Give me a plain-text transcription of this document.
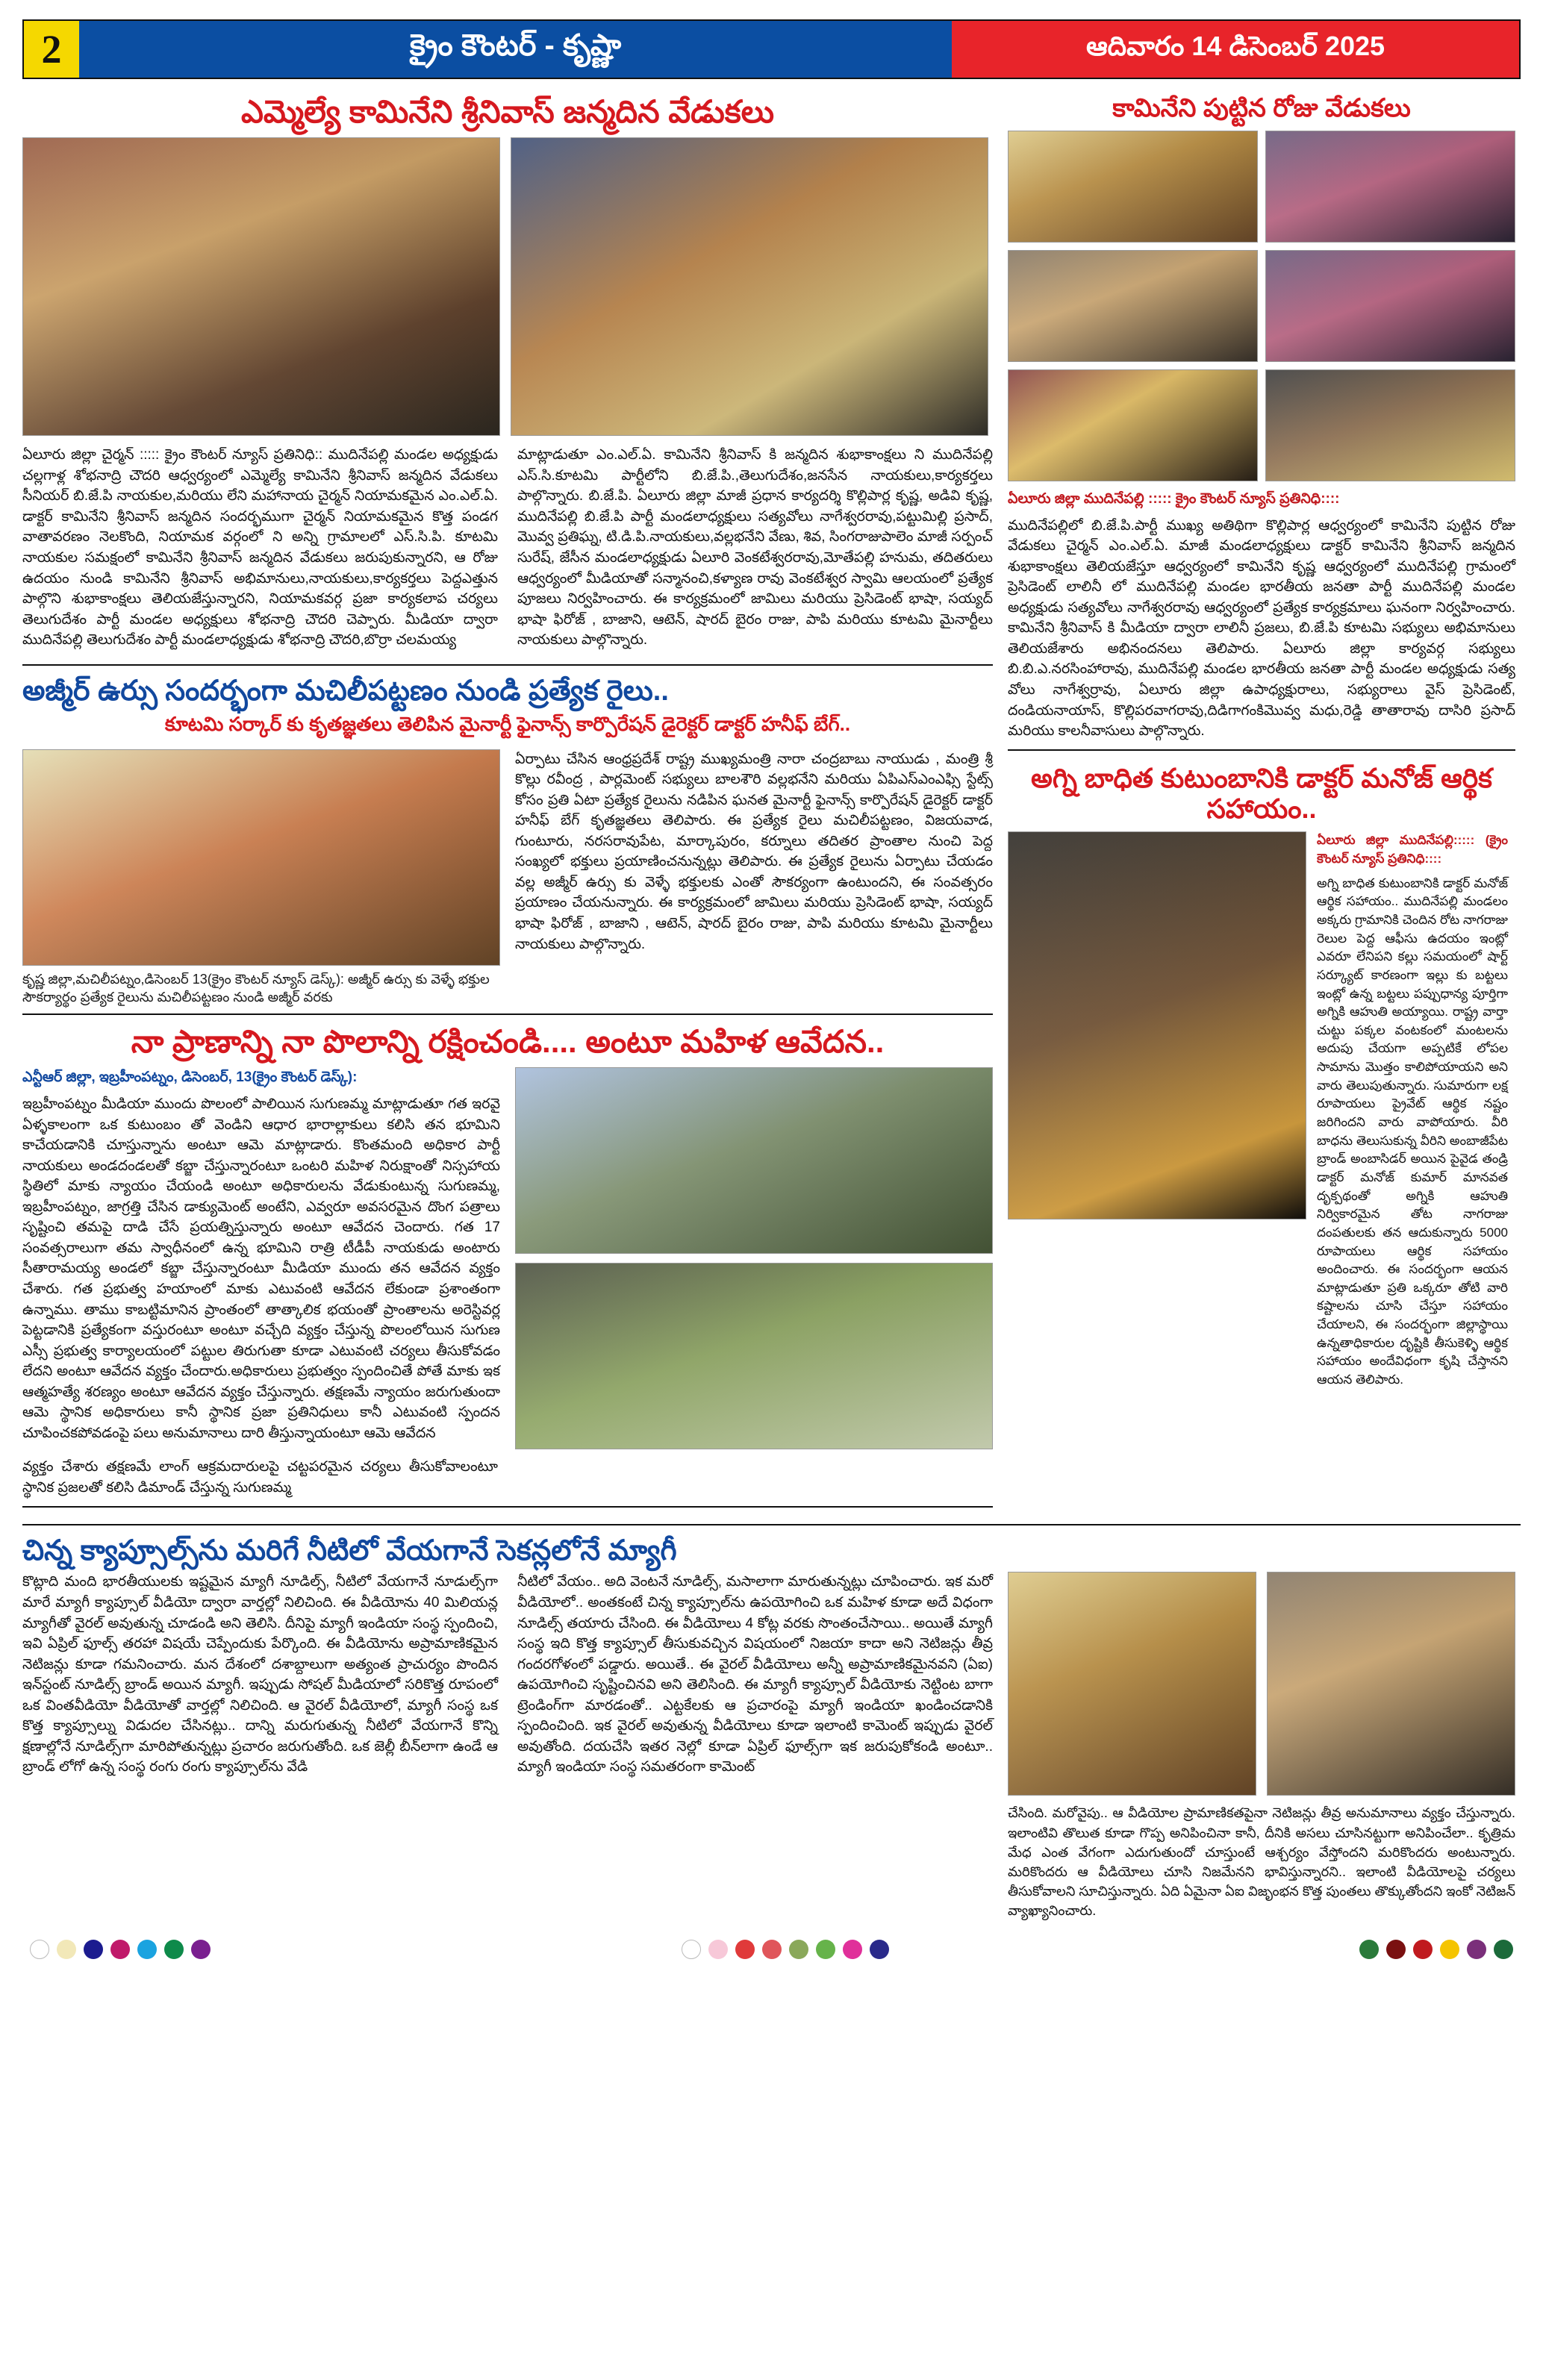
2	క్రైం కౌంటర్ - కృష్ణా	ఆదివారం 14 డిసెంబర్ 2025
ఎమ్మెల్యే కామినేని శ్రీనివాస్ జన్మదిన వేడుకలు

ఏలూరు జిల్లా చైర్మన్ ::::: క్రైం కౌంటర్ న్యూస్ ప్రతినిధి:: ముదినేపల్లి మండల అధ్యక్షుడు చల్లగాళ్ల శోభనాద్రి చౌదరి ఆధ్వర్యంలో ఎమ్మెల్యే కామినేని శ్రీనివాస్ జన్మదిన వేడుకలు సీనియర్ బి.జే.పి నాయకుల,మరియు లేని మహానాయ చైర్మన్ నియామకమైన ఎం.ఎల్.ఏ. డాక్టర్ కామినేని శ్రీనివాస్ జన్మదిన సందర్భముగా చైర్మన్ నియామకమైన కొత్త పండగ వాతావరణం నెలకొంది, నియామక వర్గంలో ని అన్ని గ్రామాలలో ఎస్.సి.పి. కూటమి నాయకుల సమక్షంలో కామినేని శ్రీనివాస్ జన్మదిన వేడుకలు జరుపుకున్నారని, ఆ రోజు ఉదయం నుండి కామినేని శ్రీనివాస్ అభిమానులు,నాయకులు,కార్యకర్తలు పెద్దఎత్తున పాల్గొని శుభాకాంక్షలు తెలియజేస్తున్నారని, నియామకవర్గ ప్రజా కార్యకలాప చర్యలు తెలుగుదేశం పార్టీ మండల అధ్యక్షులు శోభనాద్రి చౌదరి చెప్పారు. మీడియా ద్వారా ముదినేపల్లి తెలుగుదేశం పార్టీ మండలాధ్యక్షుడు శోభనాద్రి చౌదరి,బొర్రా చలమయ్య

మాట్లాడుతూ ఎం.ఎల్.ఏ. కామినేని శ్రీనివాస్ కి జన్మదిన శుభాకాంక్షలు ని ముదినేపల్లి ఎస్.సి.కూటమి పార్టీలోని బి.జే.పి.,తెలుగుదేశం,జనసేన నాయకులు,కార్యకర్తలు పాల్గొన్నారు. బి.జే.పి. ఏలూరు జిల్లా మాజీ ప్రధాన కార్యదర్శి కొల్లిపార్ల కృష్ణ, అడివి కృష్ణ, ముదినేపల్లి బి.జే.పి పార్టీ మండలాధ్యక్షులు సత్యవోలు నాగేశ్వరరావు,పట్టుమిల్లి ప్రసాద్, మొవ్వ ప్రతిఘ్న, టి.డి.పి.నాయకులు,వల్లభనేని వేణు, శివ, సింగరాజుపాలెం మాజీ సర్పంచ్ సురేష్, జేసీన మండలాధ్యక్షుడు ఏలూరి వెంకటేశ్వరరావు,మోతేపల్లి హనుమ, తదితరులు ఆధ్వర్యంలో మీడియాతో సన్మానంచి,కళ్యాణ రావు వెంకటేశ్వర స్వామి ఆలయంలో ప్రత్యేక పూజలు నిర్వహించారు. ఈ కార్యక్రమంలో జామిలు మరియు ప్రెసిడెంట్ భాషా, సయ్యద్ భాషా ఫిరోజ్ , బాజాని, ఆటెన్, షారద్ బైరం రాజు, పాపి మరియు కూటమి మైనార్టీలు నాయకులు పాల్గొన్నారు.

అజ్మీర్ ఉర్సు సందర్భంగా మచిలీపట్టణం నుండి ప్రత్యేక రైలు..
కూటమి సర్కార్ కు కృతజ్ఞతలు తెలిపిన మైనార్టీ ఫైనాన్స్ కార్పొరేషన్ డైరెక్టర్ డాక్టర్ హనీఫ్ బేగ్..
కృష్ణ జిల్లా,మచిలీపట్నం,డిసెంబర్ 13(క్రైం కౌంటర్ న్యూస్ డెస్క్): అజ్మీర్ ఉర్సు కు వెళ్ళే భక్తుల సౌకర్యార్థం ప్రత్యేక రైలును మచిలీపట్టణం నుండి అజ్మీర్ వరకు

ఏర్పాటు చేసిన ఆంధ్రప్రదేశ్ రాష్ట్ర ముఖ్యమంత్రి నారా చంద్రబాబు నాయుడు , మంత్రి శ్రీ కొల్లు రవీంద్ర , పార్లమెంట్ సభ్యులు బాలశౌరి వల్లభనేని మరియు ఏపిఎస్ఎంఎఫ్సి స్టేట్స్ కోసం ప్రతి ఏటా ప్రత్యేక రైలును నడిపిన ఘనత మైనార్టీ ఫైనాన్స్ కార్పొరేషన్ డైరెక్టర్ డాక్టర్ హనీఫ్ బేగ్ కృతజ్ఞతలు తెలిపారు. ఈ ప్రత్యేక రైలు మచిలీపట్టణం, విజయవాడ, గుంటూరు, నరసరావుపేట, మార్కాపురం, కర్నూలు తదితర ప్రాంతాల నుంచి పెద్ద సంఖ్యలో భక్తులు ప్రయాణించనున్నట్లు తెలిపారు. ఈ ప్రత్యేక రైలును ఏర్పాటు చేయడం వల్ల అజ్మీర్ ఉర్సు కు వెళ్ళే భక్తులకు ఎంతో సౌకర్యంగా ఉంటుందని, ఈ సంవత్సరం ప్రయాణం చేయనున్నారు. ఈ కార్యక్రమంలో జామిలు మరియు ప్రెసిడెంట్ భాషా, సయ్యద్ భాషా ఫిరోజ్ , బాజాని , ఆటెన్, షారద్ బైరం రాజు, పాపి మరియు కూటమి మైనార్టీలు నాయకులు పాల్గొన్నారు.

నా ప్రాణాన్ని నా పొలాన్ని రక్షించండి.... అంటూ మహిళ ఆవేదన..

ఎన్టీఆర్ జిల్లా, ఇబ్రహీంపట్నం, డిసెంబర్, 13(క్రైం కౌంటర్ డెస్క్):

ఇబ్రహీంపట్నం మీడియా ముందు పొలంలో పాలియిన సుగుణమ్మ మాట్లాడుతూ గత ఇరవై ఏళ్ళకాలంగా ఒక కుటుంబం తో వెండిని ఆధార భారాల్లాకులు కలిసి తన భూమిని కాచేయడానికి చూస్తున్నాను అంటూ ఆమె మాట్లాడారు. కొంతమంది అధికార పార్టీ నాయకులు అండదండలతో కబ్జా చేస్తున్నారంటూ ఒంటరి మహిళ నిరుక్షాంతో నిస్సహాయ స్థితిలో మాకు న్యాయం చేయండి అంటూ అధికారులను వేడుకుంటున్న సుగుణమ్మ, ఇబ్రహీంపట్నం, జాగ్రత్తి చేసిన డాక్యుమెంట్ అంటేని, ఎవ్వరూ అవసరమైన దొంగ పత్రాలు సృష్టించి తమపై దాడి చేసే ప్రయత్నిస్తున్నారు అంటూ ఆవేదన చెందారు. గత 17 సంవత్సరాలుగా తమ స్వాధీనంలో ఉన్న భూమిని రాత్రి టీడీపీ నాయకుడు అంటారు సీతారామయ్య అండలో కబ్జా చేస్తున్నారంటూ మీడియా ముందు తన ఆవేదన వ్యక్తం చేశారు. గత ప్రభుత్వ హయాంలో మాకు ఎటువంటి ఆవేదన లేకుండా ప్రశాంతంగా ఉన్నాము. తాము కాబట్టిమానిన ప్రాంతంలో తాత్కాలిక భయంతో ప్రాంతాలను అరెస్టివర్ల పెట్టడానికి ప్రత్యేకంగా వస్తురంటూ అంటూ వచ్చేది వ్యక్తం చేస్తున్న పొలంలోయిన సుగుణ ఎస్సీ ప్రభుత్వ కార్యాలయంలో పట్టుల తిరుగుతా కూడా ఎటువంటి చర్యలు తీసుకోవడం లేదని అంటూ ఆవేదన వ్యక్తం చేందారు.అధికారులు ప్రభుత్వం స్పందించితే పోతే మాకు ఇక ఆత్మహత్యే శరణ్యం అంటూ ఆవేదన వ్యక్తం చేస్తున్నారు. తక్షణమే న్యాయం జరుగుతుందా ఆమె స్థానిక అధికారులు కానీ స్థానిక ప్రజా ప్రతినిధులు కానీ ఎటువంటి స్పందన చూపించకపోవడంపై పలు అనుమానాలు దారి తీస్తున్నాయంటూ ఆమె ఆవేదన

వ్యక్తం చేశారు తక్షణమే లాంగ్ ఆక్రమదారులపై చట్టపరమైన చర్యలు తీసుకోవాలంటూ స్థానిక ప్రజలతో కలిసి డిమాండ్ చేస్తున్న సుగుణమ్మ

కామినేని పుట్టిన రోజు వేడుకలు

ఏలూరు జిల్లా ముదినేపల్లి ::::: క్రైం కౌంటర్ న్యూస్ ప్రతినిధి::::

ముదినేపల్లిలో బి.జే.పి.పార్టీ ముఖ్య అతిథిగా కొల్లిపార్ల ఆధ్వర్యంలో కామినేని పుట్టిన రోజు వేడుకలు చైర్మన్ ఎం.ఎల్.ఏ. మాజీ మండలాధ్యక్షులు డాక్టర్ కామినేని శ్రీనివాస్ జన్మదిన శుభాకాంక్షలు తెలియజేస్తూ ఆధ్వర్యంలో కామినేని కృష్ణ ఆధ్వర్యంలో ముదినేపల్లి గ్రామంలో ప్రెసిడెంట్ లాలినీ లో ముదినేపల్లి మండల భారతీయ జనతా పార్టీ ముదినేపల్లి మండల అధ్యక్షుడు సత్యవోలు నాగేశ్వరరావు ఆధ్వర్యంలో ప్రత్యేక కార్యక్రమాలు ఘనంగా నిర్వహించారు. కామినేని శ్రీనివాస్ కి మీడియా ద్వారా లాలినీ ప్రజలు, బి.జే.పి కూటమి సభ్యులు అభిమానులు తెలియజేశారు అభినందనలు తెలిపారు. ఏలూరు జిల్లా కార్యవర్గ సభ్యులు బి.బి.ఎ.నరసింహారావు, ముదినేపల్లి మండల భారతీయ జనతా పార్టీ మండల అధ్యక్షుడు సత్య వోలు నాగేశ్వర్రావు, ఏలూరు జిల్లా ఉపాధ్యక్షురాలు, సభ్యురాలు వైస్ ప్రెసిడెంట్, దండియనాయాస్, కొల్లిపరవాగరావు,దిడిగాగంకిమొవ్వ మధు,రెడ్డి తాతారావు దాసిరి ప్రసాద్ మరియు కాలనీవాసులు పాల్గొన్నారు.

అగ్ని బాధిత కుటుంబానికి డాక్టర్ మనోజ్ ఆర్థిక సహాయం..

ఏలూరు జిల్లా ముదినేపల్లి::::: (క్రైం కౌంటర్ న్యూస్ ప్రతినిధి::::

అగ్ని బాధిత కుటుంబానికి డాక్టర్ మనోజ్ ఆర్థిక సహాయం.. ముదినేపల్లి మండలం అక్కరు గ్రామానికి చెందిన రోట నాగరాజు రెలుల పెద్ద ఆఫీసు ఉదయం ఇంట్లో ఎవరూ లేనిపని కల్లు సమయంలో షార్ట్ సర్క్యూట్ కారణంగా ఇల్లు కు బట్టలు ఇంట్లో ఉన్న బట్టలు పప్పుధాన్య పూర్తిగా అగ్నికి ఆహుతి అయ్యాయి. రాష్ట్ర వార్తా చుట్టు పక్కల వంటకంలో మంటలను అదుపు చేయగా అప్పటికే లోపల సామాను మొత్తం కాలిపోయాయని అని వారు తెలుపుతున్నారు. సుమారుగా లక్ష రూపాయలు ప్రైవేట్ ఆర్థిక నష్టం జరిగిందని వారు వాపోయారు. వీరి బాధను తెలుసుకున్న వీరిని అంబాజీపేట బ్రాండ్ అంబాసిడర్ అయిన పైవైడ తండ్రి డాక్టర్ మనోజ్ కుమార్ మానవత దృక్పథంతో అగ్నికి ఆహుతి నిర్వికారమైన తోట నాగరాజు దంపతులకు తన ఆదుకున్నారు 5000 రూపాయలు ఆర్థిక సహాయం అందించారు. ఈ సందర్భంగా ఆయన మాట్లాడుతూ ప్రతి ఒక్కరూ తోటి వారి కష్టాలను చూసి చేస్తూ సహాయం చేయాలని, ఈ సందర్భంగా జిల్లాస్థాయి ఉన్నతాధికారుల దృష్టికి తీసుకెళ్ళి ఆర్థిక సహాయం అందేవిధంగా కృషి చేస్తానని ఆయన తెలిపారు.

చిన్న క్యాప్సూల్స్‌ను మరిగే నీటిలో వేయగానే సెకన్లలోనే మ్యాగీ

కొట్లాది మంది భారతీయులకు ఇష్టమైన మ్యాగీ నూడిల్స్, నీటిలో వేయగానే నూడుల్స్‌గా మారే మ్యాగీ క్యాప్సూల్ వీడియో ద్వారా వార్తల్లో నిలిచింది. ఈ వీడియోను 40 మిలియన్ల మ్యాగీతో వైరల్ అవుతున్న చూడండి అని తెలిసి. దీనిపై మ్యాగీ ఇండియా సంస్థ స్పందించి, ఇవి ఏప్రిల్ ఫూల్స్ తరహా విషయే చెప్పేందుకు పేర్కొంది. ఈ వీడియోను అప్రామాణికమైన నెటిజన్లు కూడా గమనించారు. మన దేశంలో దశాబ్దాలుగా అత్యంత ప్రాచుర్యం పొందిన ఇన్‌స్టంట్ నూడిల్స్ బ్రాండ్ అయిన మ్యాగీ. ఇప్పుడు సోషల్ మీడియాలో సరికొత్త రూపంలో ఒక వింతవీడియో వీడియోతో వార్తల్లో నిలిచింది. ఆ వైరల్ వీడియోలో, మ్యాగీ సంస్థ ఒక కొత్త క్యాప్సూల్ను విడుదల చేసినట్లు.. దాన్ని మరుగుతున్న నీటిలో వేయగానే కొన్ని క్షణాల్లోనే నూడిల్స్‌గా మారిపోతున్నట్లు ప్రచారం జరుగుతోంది. ఒక జెల్లీ బీన్‌లాగా ఉండే ఆ బ్రాండ్ లోగో ఉన్న సంస్థ రంగు రంగు క్యాప్సూల్‌ను వేడి

నీటిలో వేయం.. అది వెంటనే నూడిల్స్, మసాలాగా మారుతున్నట్లు చూపించారు. ఇక మరో వీడియోలో.. అంతకంటే చిన్న క్యాప్సూల్‌ను ఉపయోగించి ఒక మహిళ కూడా అదే విధంగా నూడిల్స్ తయారు చేసింది. ఈ వీడియోలు 4 కోట్ల వరకు సొంతంచేసాయి.. అయితే మ్యాగీ సంస్థ ఇది కొత్త క్యాప్సూల్ తీసుకువచ్చిన విషయంలో నిజయా కాదా అని నెటిజన్లు తీవ్ర గందరగోళంలో పడ్డారు. అయితే.. ఈ వైరల్ వీడియోలు అన్నీ అప్రామాణికమైనవని (ఏఐ) ఉపయోగించి సృష్టించినవి అని తెలిసింది. ఈ మ్యాగీ క్యాప్సూల్ వీడియోకు నెట్టింట బాగా ట్రెండింగ్‌గా మారడంతో.. ఎట్టకేలకు ఆ ప్రచారంపై మ్యాగీ ఇండియా ఖండించడానికి స్పందించింది. ఇక వైరల్ అవుతున్న వీడియోలు కూడా ఇలాంటి కామెంట్ ఇప్పుడు వైరల్ అవుతోంది. దయచేసి ఇతర నెల్లో కూడా ఏప్రిల్ ఫూల్స్‌గా ఇక జరుపుకోకండి అంటూ.. మ్యాగీ ఇండియా సంస్థ సమతరంగా కామెంట్

చేసింది. మరోవైపు.. ఆ వీడియోల ప్రామాణికతపైనా నెటిజన్లు తీవ్ర అనుమానాలు వ్యక్తం చేస్తున్నారు. ఇలాంటివి తొలుత కూడా గొప్ప అనిపించినా కానీ, దీనికి అసలు చూసినట్టుగా అనిపించేలా.. కృత్రిమ మేధ ఎంత వేగంగా ఎదుగుతుందో చూస్తుంటే ఆశ్చర్యం వేస్తోందని మరికొందరు అంటున్నారు. మరికొందరు ఆ వీడియోలు చూసి నిజమేనని భావిస్తున్నారని.. ఇలాంటి వీడియోలపై చర్యలు తీసుకోవాలని సూచిస్తున్నారు. ఏది ఏమైనా ఏఐ విజృంభన కొత్త పుంతలు తొక్కుతోందని ఇంకో నెటిజన్ వ్యాఖ్యానించారు.
